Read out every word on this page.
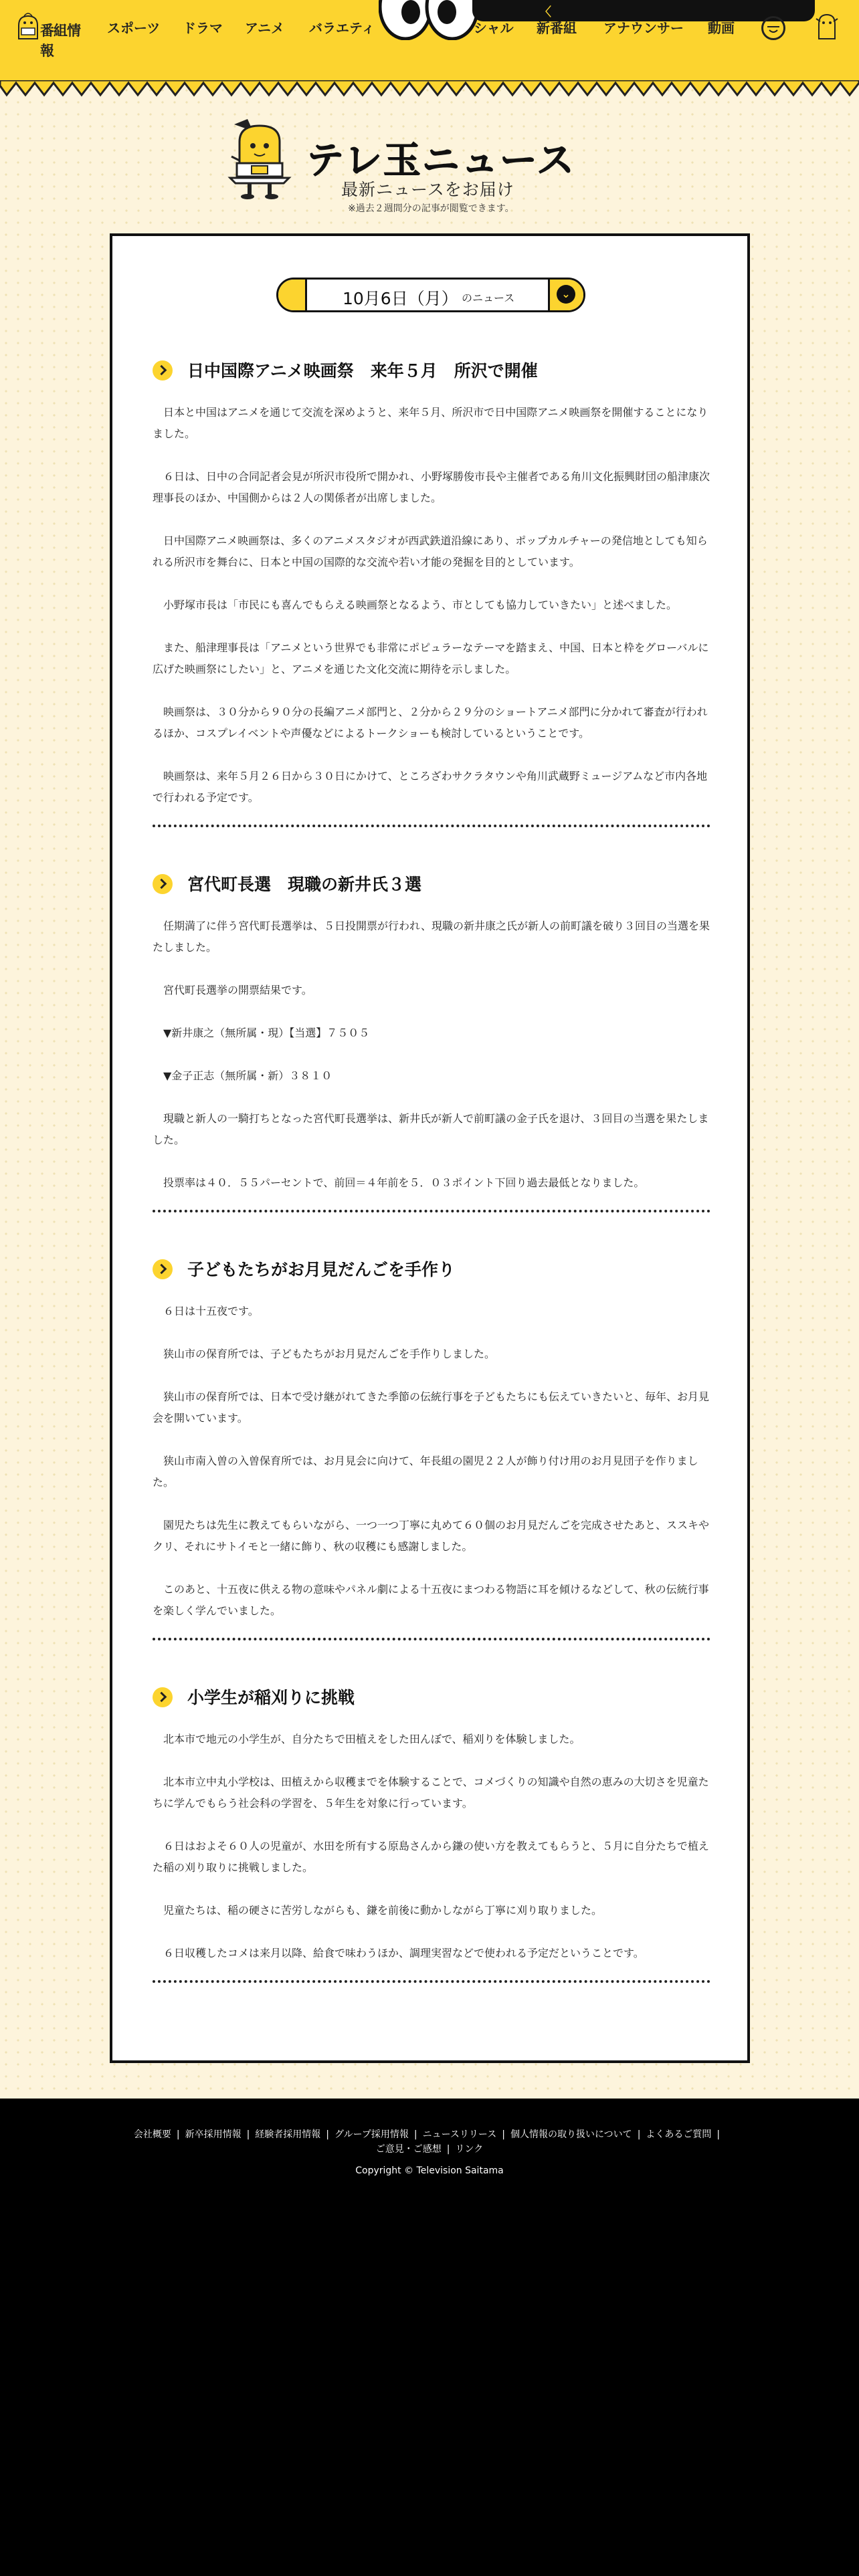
番組情報
〈
スポーツ ドラマ アニメ バラエティ	シャル 新番組 アナウンサー 動画
テレ玉ニュース
最新ニュースをお届け
※過去２週間分の記事が閲覧できます。
10月6日（月） のニュース	⌄
日中国際アニメ映画祭　来年５月　所沢で開催

日本と中国はアニメを通じて交流を深めようと、来年５月、所沢市で日中国際アニメ映画祭を開催することになりました。

６日は、日中の合同記者会見が所沢市役所で開かれ、小野塚勝俊市長や主催者である角川文化振興財団の船津康次理事長のほか、中国側からは２人の関係者が出席しました。

日中国際アニメ映画祭は、多くのアニメスタジオが西武鉄道沿線にあり、ポップカルチャーの発信地としても知られる所沢市を舞台に、日本と中国の国際的な交流や若い才能の発掘を目的としています。

小野塚市長は「市民にも喜んでもらえる映画祭となるよう、市としても協力していきたい」と述べました。

また、船津理事長は「アニメという世界でも非常にポピュラーなテーマを踏まえ、中国、日本と枠をグローバルに広げた映画祭にしたい」と、アニメを通じた文化交流に期待を示しました。

映画祭は、３０分から９０分の長編アニメ部門と、２分から２９分のショートアニメ部門に分かれて審査が行われるほか、コスプレイベントや声優などによるトークショーも検討しているということです。

映画祭は、来年５月２６日から３０日にかけて、ところざわサクラタウンや角川武蔵野ミュージアムなど市内各地で行われる予定です。

宮代町長選　現職の新井氏３選

任期満了に伴う宮代町長選挙は、５日投開票が行われ、現職の新井康之氏が新人の前町議を破り３回目の当選を果たしました。

宮代町長選挙の開票結果です。

▼新井康之（無所属・現）【当選】７５０５

▼金子正志（無所属・新）３８１０

現職と新人の一騎打ちとなった宮代町長選挙は、新井氏が新人で前町議の金子氏を退け、３回目の当選を果たしました。

投票率は４０．５５パーセントで、前回＝４年前を５．０３ポイント下回り過去最低となりました。

子どもたちがお月見だんごを手作り

６日は十五夜です。

狭山市の保育所では、子どもたちがお月見だんごを手作りしました。

狭山市の保育所では、日本で受け継がれてきた季節の伝統行事を子どもたちにも伝えていきたいと、毎年、お月見会を開いています。

狭山市南入曽の入曽保育所では、お月見会に向けて、年長組の園児２２人が飾り付け用のお月見団子を作りました。

園児たちは先生に教えてもらいながら、一つ一つ丁寧に丸めて６０個のお月見だんごを完成させたあと、ススキやクリ、それにサトイモと一緒に飾り、秋の収穫にも感謝しました。

このあと、十五夜に供える物の意味やパネル劇による十五夜にまつわる物語に耳を傾けるなどして、秋の伝統行事を楽しく学んでいました。

小学生が稲刈りに挑戦

北本市で地元の小学生が、自分たちで田植えをした田んぼで、稲刈りを体験しました。

北本市立中丸小学校は、田植えから収穫までを体験することで、コメづくりの知識や自然の恵みの大切さを児童たちに学んでもらう社会科の学習を、５年生を対象に行っています。

６日はおよそ６０人の児童が、水田を所有する原島さんから鎌の使い方を教えてもらうと、５月に自分たちで植えた稲の刈り取りに挑戦しました。

児童たちは、稲の硬さに苦労しながらも、鎌を前後に動かしながら丁寧に刈り取りました。

６日収穫したコメは来月以降、給食で味わうほか、調理実習などで使われる予定だということです。

会社概要 | 新卒採用情報 | 経験者採用情報 | グループ採用情報 | ニュースリリース | 個人情報の取り扱いについて | よくあるご質問 |
ご意見・ご感想 | リンク
Copyright © Television Saitama
